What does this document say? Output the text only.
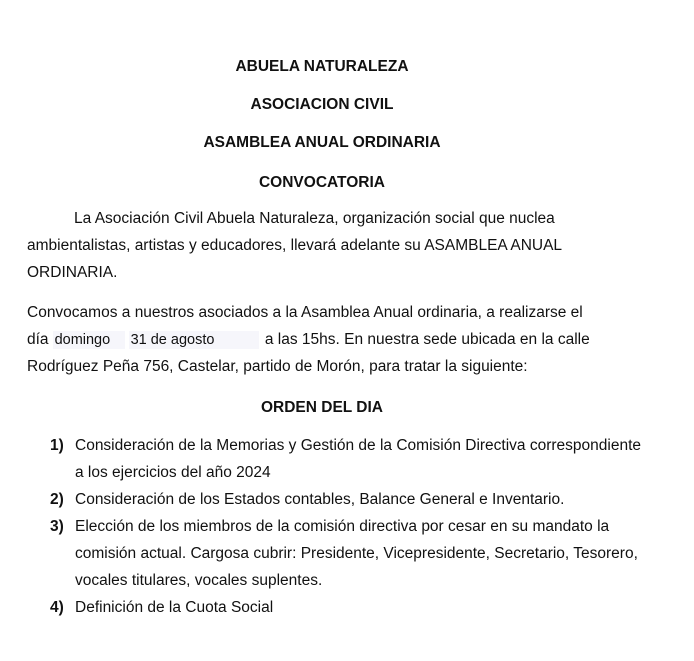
ABUELA NATURALEZA
ASOCIACION CIVIL
ASAMBLEA ANUAL ORDINARIA
CONVOCATORIA
La Asociación Civil Abuela Naturaleza, organización social que nuclea ambientalistas, artistas y educadores, llevará adelante su ASAMBLEA ANUAL ORDINARIA.
Convocamos a nuestros asociados a la Asamblea Anual ordinaria, a realizarse el
día domingo 31 de agosto	a las 15hs. En nuestra sede ubicada en la calle Rodríguez Peña 756, Castelar, partido de Morón, para tratar la siguiente:
ORDEN DEL DIA
1) Consideración de la Memorias y Gestión de la Comisión Directiva correspondiente a los ejercicios del año 2024
2) Consideración de los Estados contables, Balance General e Inventario.
3) Elección de los miembros de la comisión directiva por cesar en su mandato la comisión actual. Cargosa cubrir: Presidente, Vicepresidente, Secretario, Tesorero, vocales titulares, vocales suplentes.
4) Definición de la Cuota Social
